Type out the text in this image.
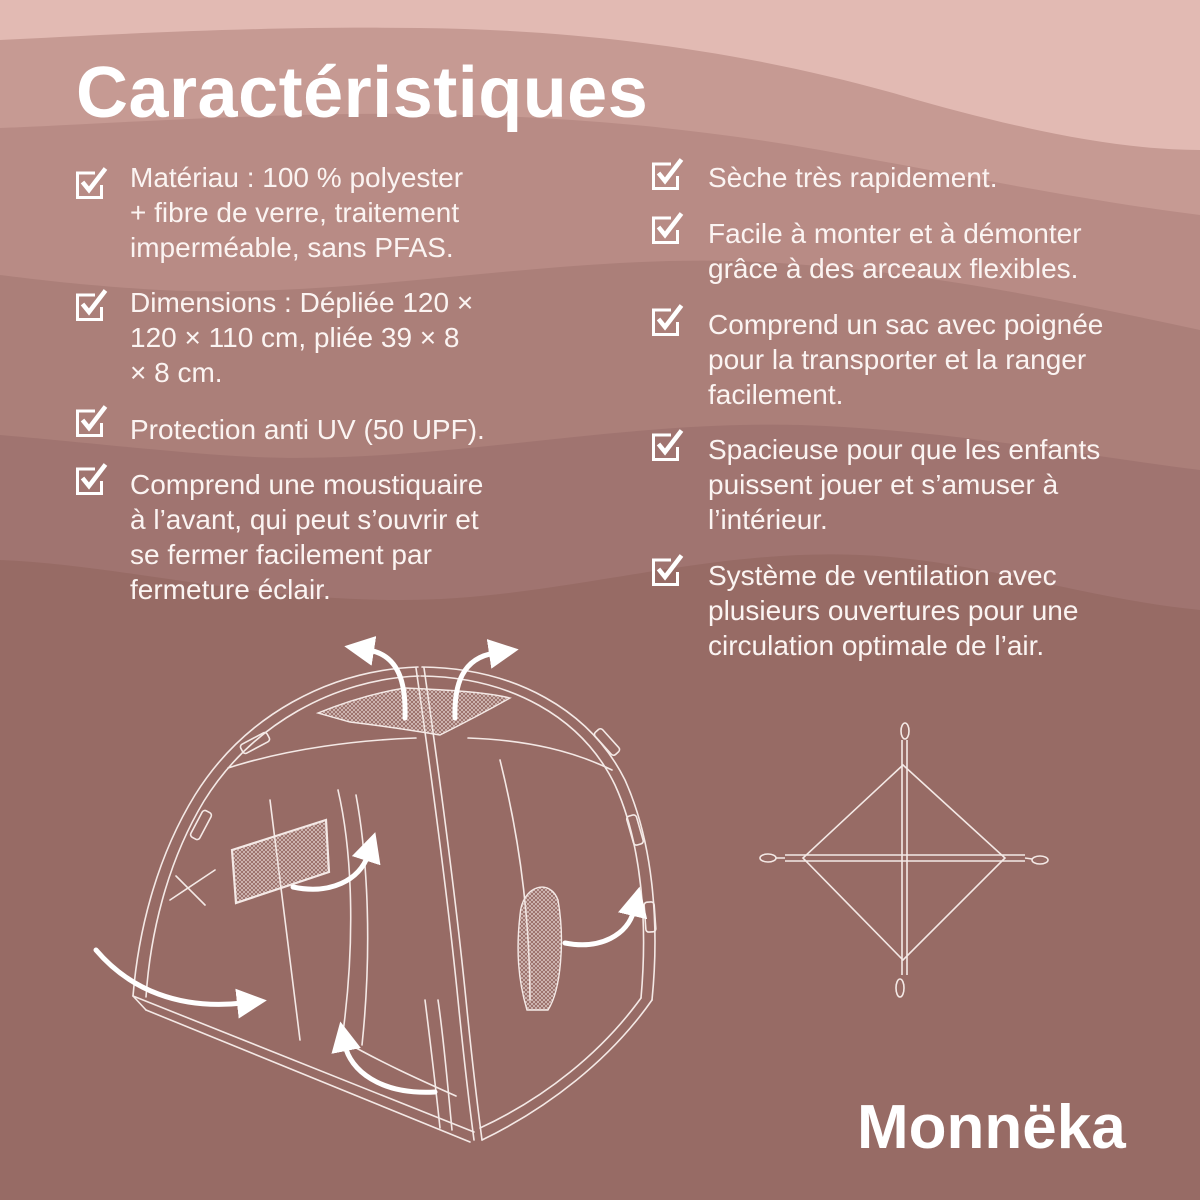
Caractéristiques
Matériau : 100 % polyester
+ fibre de verre, traitement
imperméable, sans PFAS.
Dimensions : Dépliée 120 ×
120 × 110 cm, pliée 39 × 8
× 8 cm.
Protection anti UV (50 UPF).
Comprend une moustiquaire
à l’avant, qui peut s’ouvrir et
se fermer facilement par
fermeture éclair.
Sèche très rapidement.
Facile à monter et à démonter
grâce à des arceaux flexibles.
Comprend un sac avec poignée
pour la transporter et la ranger
facilement.
Spacieuse pour que les enfants
puissent jouer et s’amuser à
l’intérieur.
Système de ventilation avec
plusieurs ouvertures pour une
circulation optimale de l’air.
Monnëka
